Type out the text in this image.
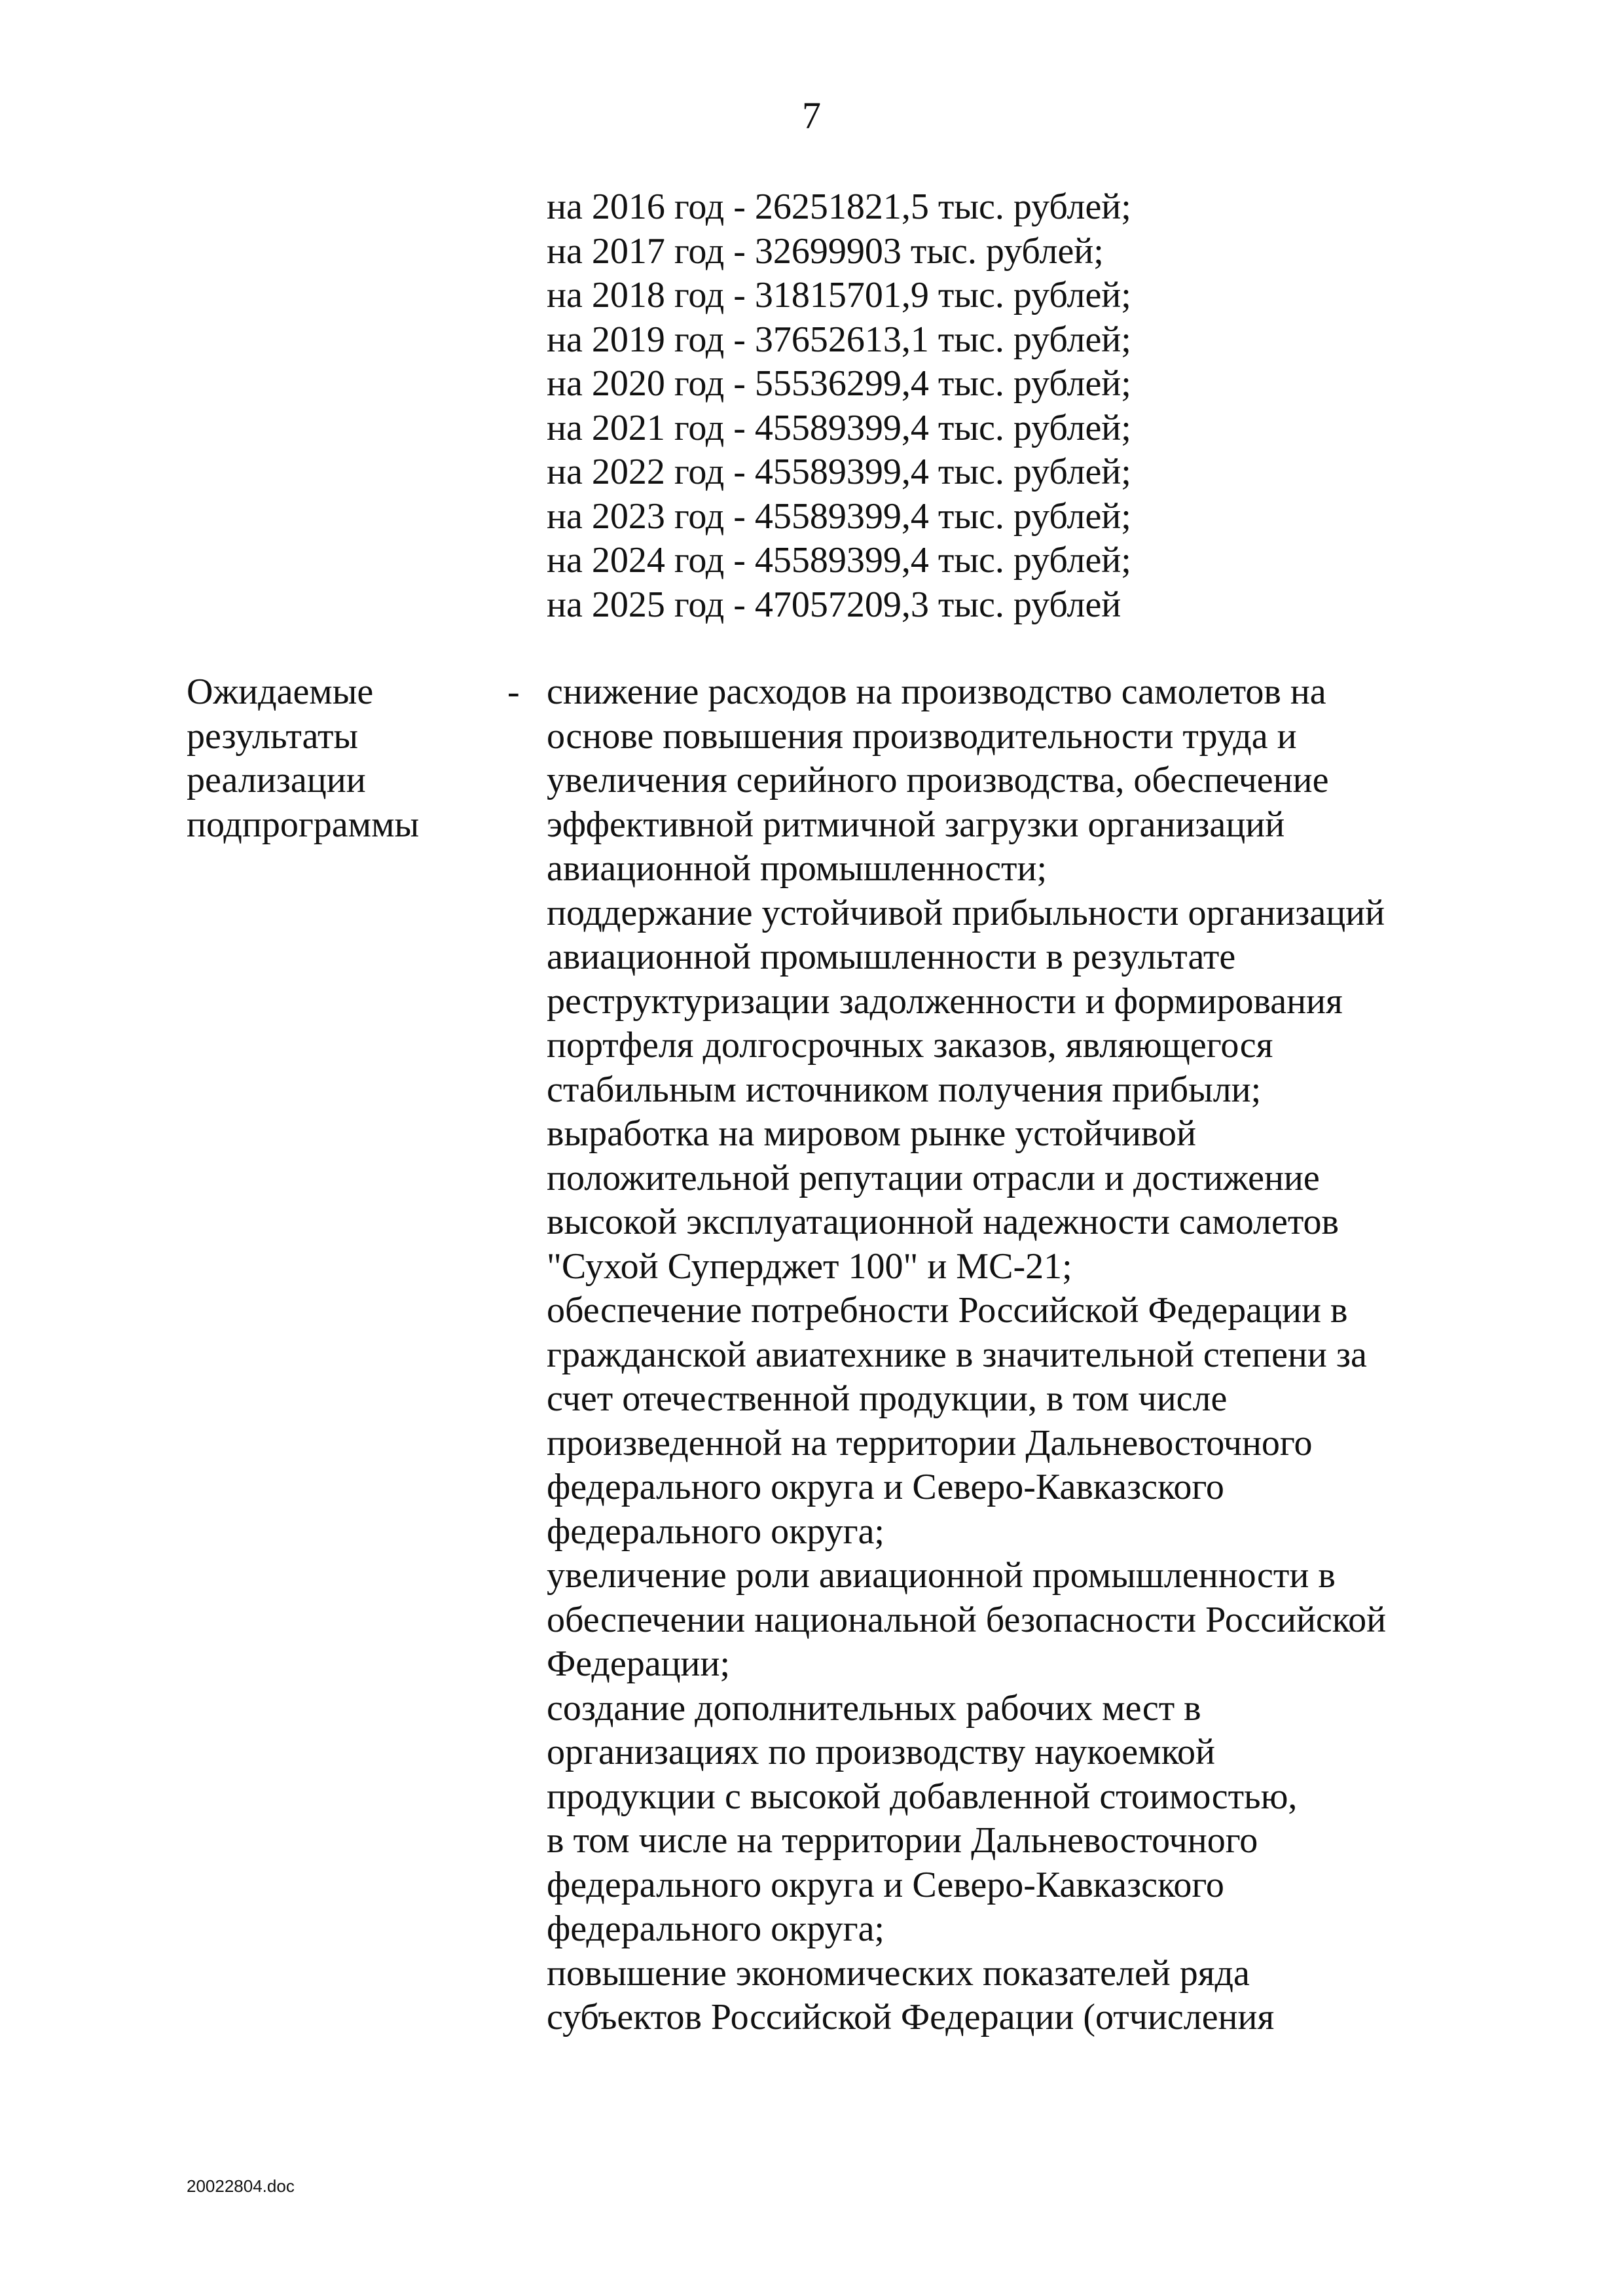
7
на 2016 год - 26251821,5 тыс. рублей;
на 2017 год - 32699903 тыс. рублей;
на 2018 год - 31815701,9 тыс. рублей;
на 2019 год - 37652613,1 тыс. рублей;
на 2020 год - 55536299,4 тыс. рублей;
на 2021 год - 45589399,4 тыс. рублей;
на 2022 год - 45589399,4 тыс. рублей;
на 2023 год - 45589399,4 тыс. рублей;
на 2024 год - 45589399,4 тыс. рублей;
на 2025 год - 47057209,3 тыс. рублей
Ожидаемые
результаты
реализации
подпрограммы
- снижение расходов на производство самолетов на
основе повышения производительности труда и
увеличения серийного производства, обеспечение
эффективной ритмичной загрузки организаций
авиационной промышленности;
поддержание устойчивой прибыльности организаций
авиационной промышленности в результате
реструктуризации задолженности и формирования
портфеля долгосрочных заказов, являющегося
стабильным источником получения прибыли;
выработка на мировом рынке устойчивой
положительной репутации отрасли и достижение
высокой эксплуатационной надежности самолетов
"Сухой Суперджет 100" и МС-21;
обеспечение потребности Российской Федерации в
гражданской авиатехнике в значительной степени за
счет отечественной продукции, в том числе
произведенной на территории Дальневосточного
федерального округа и Северо-Кавказского
федерального округа;
увеличение роли авиационной промышленности в
обеспечении национальной безопасности Российской
Федерации;
создание дополнительных рабочих мест в
организациях по производству наукоемкой
продукции с высокой добавленной стоимостью,
в том числе на территории Дальневосточного
федерального округа и Северо-Кавказского
федерального округа;
повышение экономических показателей ряда
субъектов Российской Федерации (отчисления
20022804.doc
